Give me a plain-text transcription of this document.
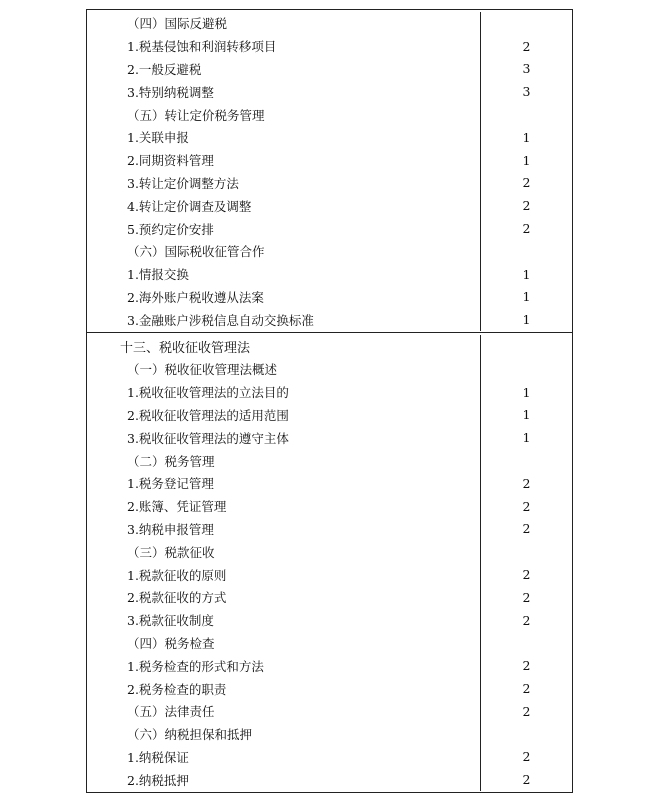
（四）国际反避税
1.税基侵蚀和利润转移项目	2
2.一般反避税	3
3.特别纳税调整	3
（五）转让定价税务管理
1.关联申报	1
2.同期资料管理	1
3.转让定价调整方法	2
4.转让定价调查及调整	2
5.预约定价安排	2
（六）国际税收征管合作
1.情报交换	1
2.海外账户税收遵从法案	1
3.金融账户涉税信息自动交换标准	1
十三、税收征收管理法
（一）税收征收管理法概述
1.税收征收管理法的立法目的	1
2.税收征收管理法的适用范围	1
3.税收征收管理法的遵守主体	1
（二）税务管理
1.税务登记管理	2
2.账簿、凭证管理	2
3.纳税申报管理	2
（三）税款征收
1.税款征收的原则	2
2.税款征收的方式	2
3.税款征收制度	2
（四）税务检查
1.税务检查的形式和方法	2
2.税务检查的职责	2
（五）法律责任	2
（六）纳税担保和抵押
1.纳税保证	2
2.纳税抵押	2
